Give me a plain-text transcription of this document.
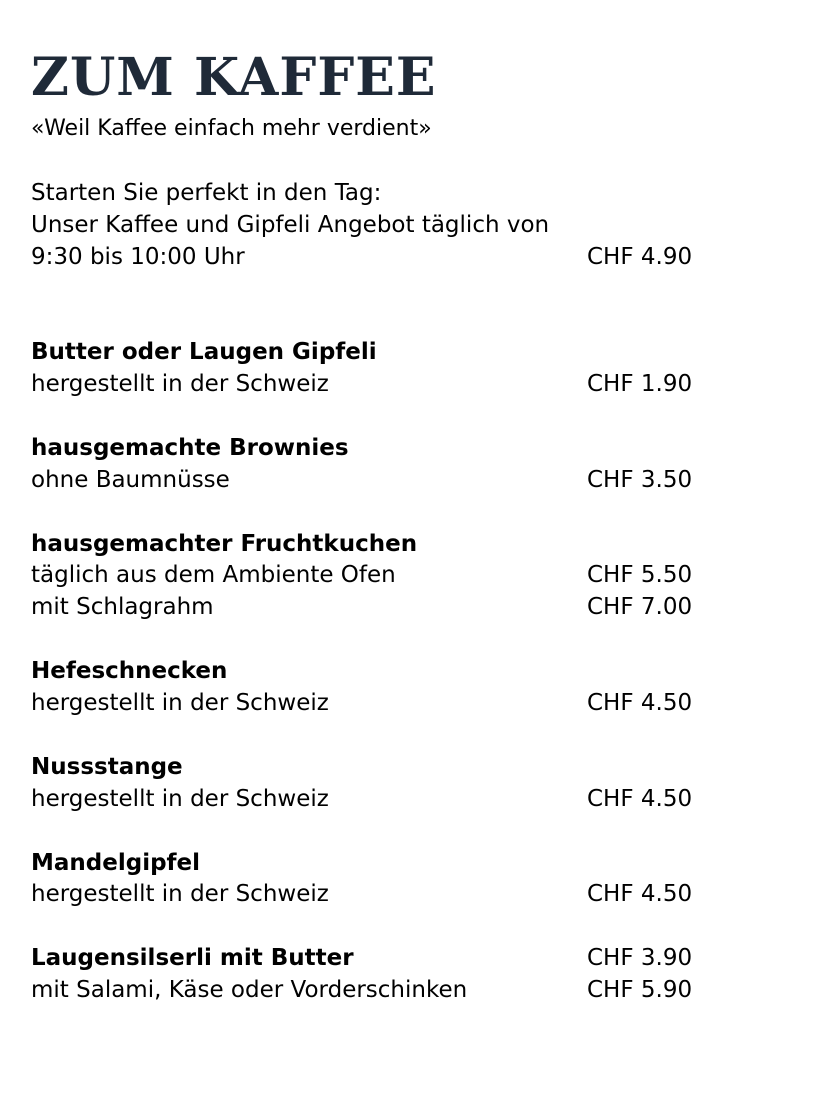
ZUM KAFFEE
«Weil Kaffee einfach mehr verdient»
Starten Sie perfekt in den Tag:
Unser Kaffee und Gipfeli Angebot täglich von
9:30 bis 10:00 Uhr	CHF 4.90
Butter oder Laugen Gipfeli
hergestellt in der Schweiz	CHF 1.90
hausgemachte Brownies
ohne Baumnüsse	CHF 3.50
hausgemachter Fruchtkuchen
täglich aus dem Ambiente Ofen	CHF 5.50
mit Schlagrahm	CHF 7.00
Hefeschnecken
hergestellt in der Schweiz	CHF 4.50
Nussstange
hergestellt in der Schweiz	CHF 4.50
Mandelgipfel
hergestellt in der Schweiz	CHF 4.50
Laugensilserli mit Butter	CHF 3.90
mit Salami, Käse oder Vorderschinken	CHF 5.90
